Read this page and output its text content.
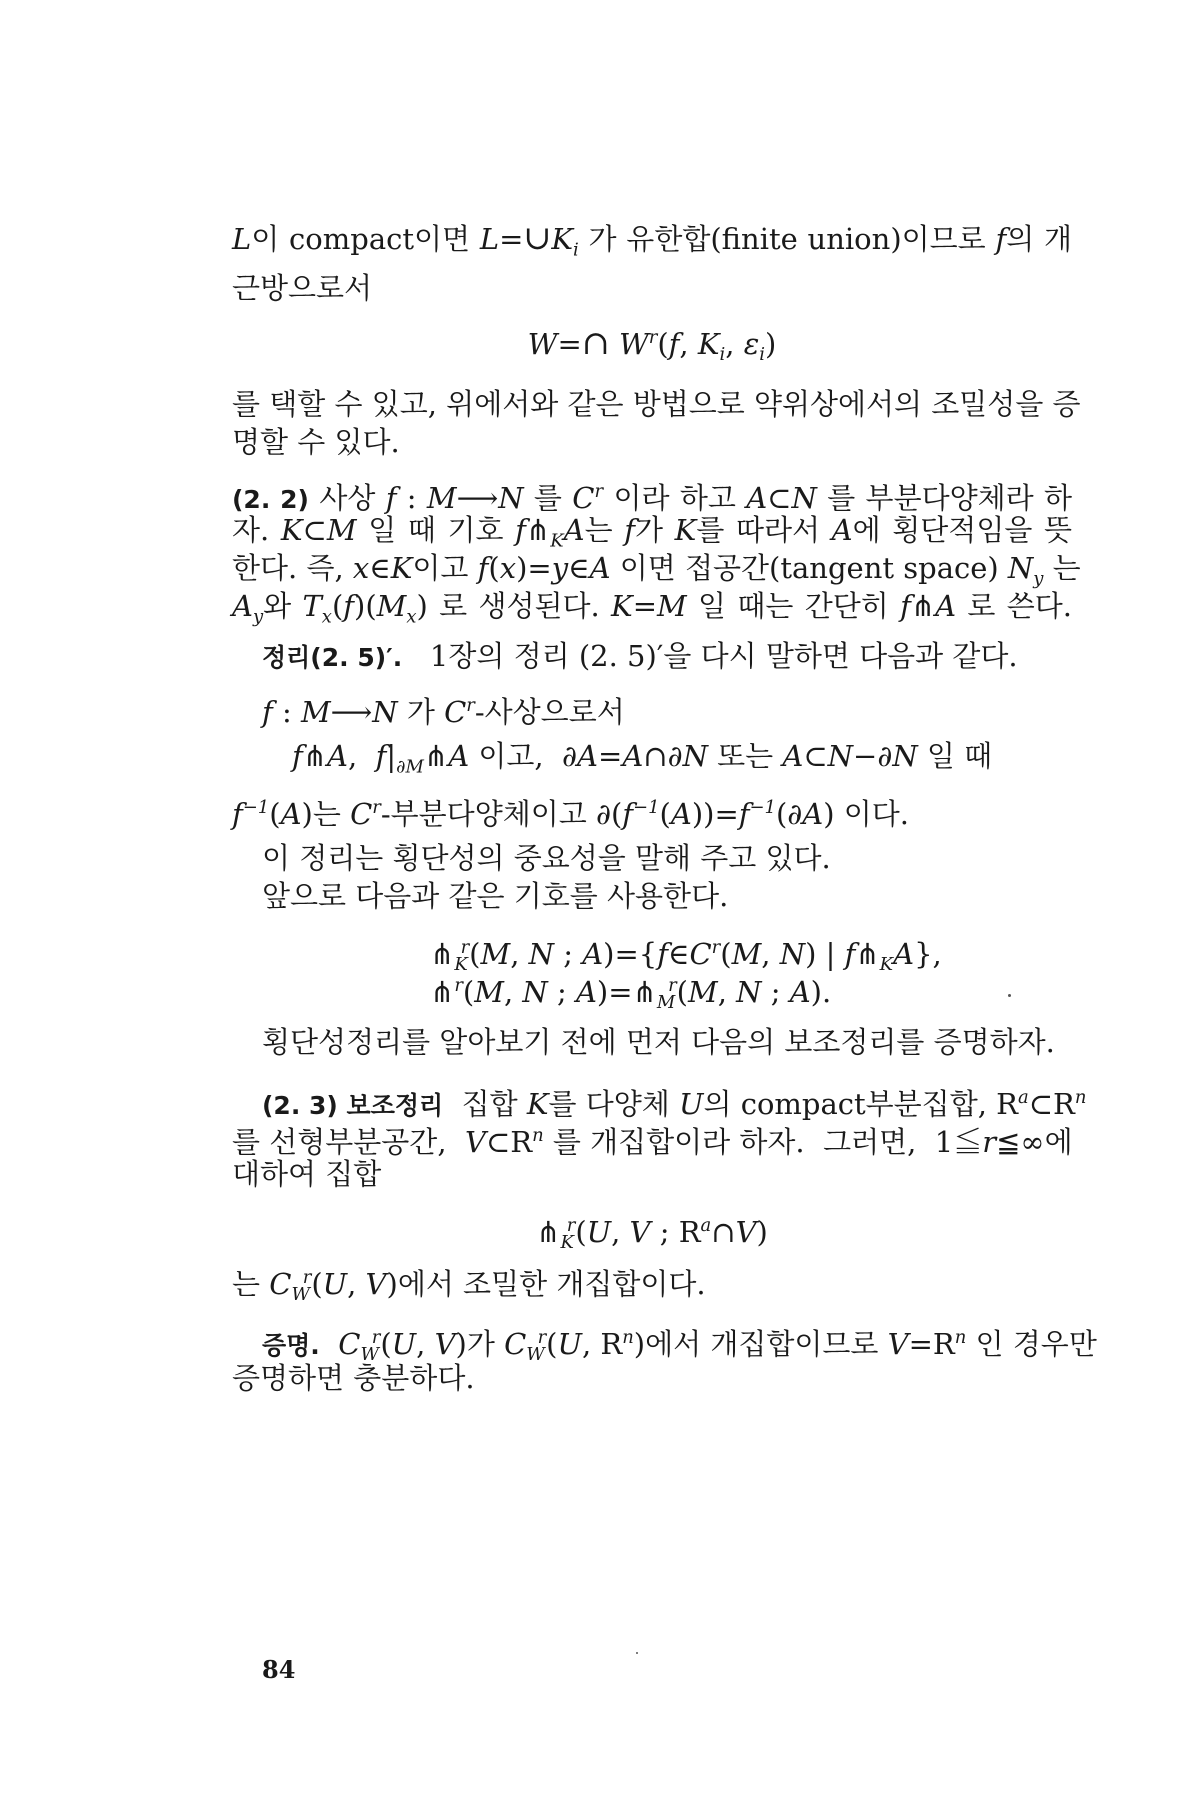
L이 compact이면 $L=\cup K_i$ 가 유한합(finite union)이므로 f의 개
근방으로서
W=∩ $W^r(f$, $K_i$, $\varepsilon_i$)
를 택할 수 있고, 위에서와 같은 방법으로 약위상에서의 조밀성을 증
명할 수 있다.
(2. 2) 사상 f : M⟶N 를 $C^r$ 이라 하고 A⊂N 를 부분다양체라 하
자. K⊂M 일 때 기호 $f⋔_KA$는 f가 K를 따라서 A에 횡단적임을 뜻
한다. 즉, x∈K이고 f(x)=y∈A 이면 접공간(tangent space) $N_y$ 는
$A_y$와 $T_x(f)(M_x)$ 로 생성된다. K=M 일 때는 간단히 f⋔A 로 쓴다.
정리(2. 5)′.   1장의 정리 (2. 5)′을 다시 말하면 다음과 같다.
f : M⟶N 가 $C^r-$사상으로서
f⋔A,  $f|_{\partial M}⋔A$ 이고,  ∂A=A∩∂N 또는 A⊂N−∂N 일 때
$f^{-1}(A)$는 $C^r-$부분다양체이고 $\partial(f^{-1}(A))=f^{-1}(\partial A)$ 이다.
이 정리는 횡단성의 중요성을 말해 주고 있다.
앞으로 다음과 같은 기호를 사용한다.
$⋔_K^r(M$, N ; $A)=\{f\in C^r(M$, N) | $f⋔_KA$},
⋔$^r$(M, N ; $A)=⋔_M^r(M$, N ; A).
횡단성정리를 알아보기 전에 먼저 다음의 보조정리를 증명하자.
(2. 3) 보조정리  집합 K를 다양체 U의 compact부분집합, $R^a\subset R^n$
를 선형부분공간,  $V\subset R^n$ 를 개집합이라 하자.  그러면,  1≦r≦∞에
대하여 집합
$⋔_K^r(U$, V ; $R^a\cap V$)
는 $C_W^r(U$, V)에서 조밀한 개집합이다.
증명. $C_W^r(U$, V)가 $C_W^r(U$, $R^n$)에서 개집합이므로 $V=R^n$ 인 경우만
증명하면 충분하다.
84
